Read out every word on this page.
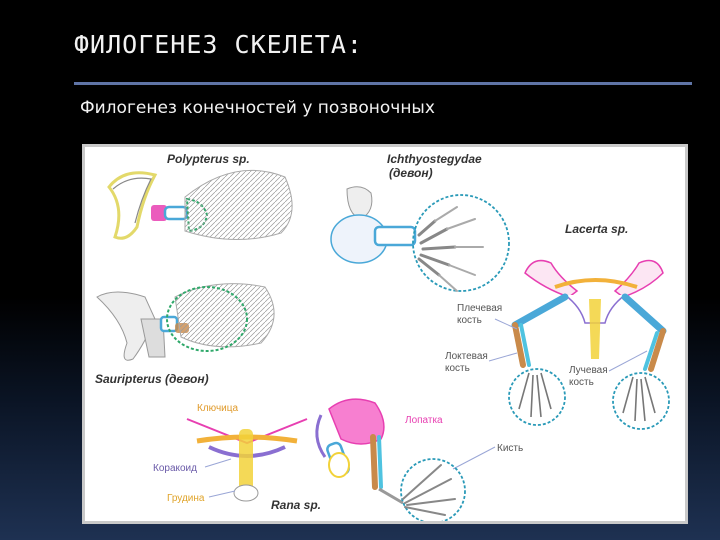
ФИЛОГЕНЕЗ СКЕЛЕТА:
Филогенез конечностей у позвоночных
Polypterus sp.
Sauripterus (девон)
Ichthyostegydae
(девон)
Lacerta sp.
Плечевая
кость
Локтевая
кость	Лучевая
кость
Кисть
Ключица
Коракоид
Грудина
Лопатка
Rana sp.
